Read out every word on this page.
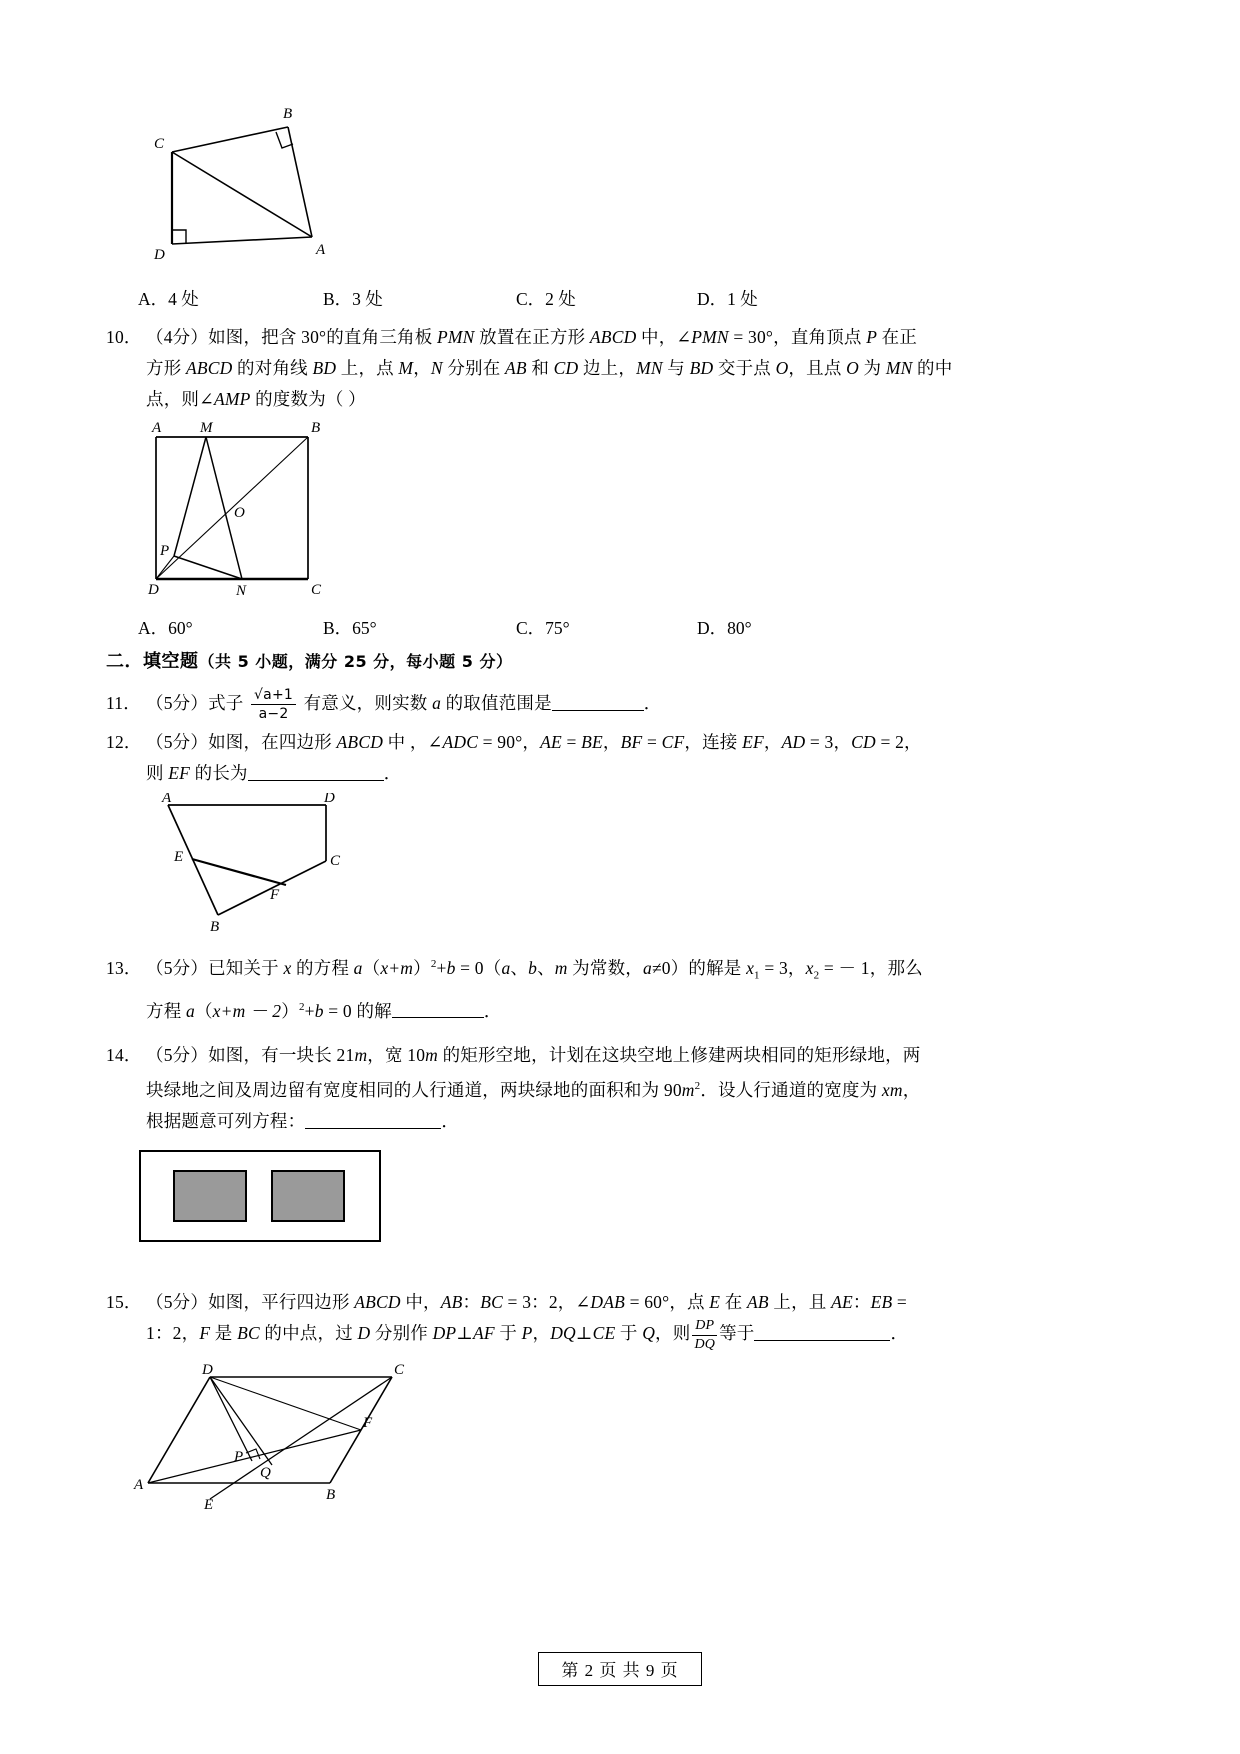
B
C
D	A
A．4 处	B．3 处	C．2 处	D．1 处
10． （4分）如图，把含 30°的直角三角板 PMN 放置在正方形 ABCD 中，∠PMN = 30°，直角顶点 P 在正
方形 ABCD 的对角线 BD 上，点 M，N 分别在 AB 和 CD 边上，MN 与 BD 交于点 O，且点 O 为 MN 的中
点，则∠AMP 的度数为（ ）
A	M	B
O
P
D	N	C
A．60°	B．65°	C．75°	D．80°
二．填空题（共 5 小题，满分 25 分，每小题 5 分）
11． （5分）式子 $\frac{√a+1}{a-2}$ 有意义，则实数 a 的取值范围是	．
12． （5分）如图，在四边形 ABCD 中 ，∠ADC = 90°，AE = BE，BF = CF，连接 EF，AD = 3，CD = 2，
则 EF 的长为	．
A	D
E	C
F
B
13． （5分）已知关于 x 的方程 $a(x+m)^2+b = 0(a$、b、m 为常数，a≠0）的解是 $x_1 = 3$，$x_2$ = － 1，那么
方程 $a(x+m - 2)^2+b = 0$ 的解	．
14． （5分）如图，有一块长 21m，宽 10m 的矩形空地，计划在这块空地上修建两块相同的矩形绿地，两
块绿地之间及周边留有宽度相同的人行通道，两块绿地的面积和为 $90m^2$．设人行通道的宽度为 xm，
根据题意可列方程：	．
15． （5分）如图，平行四边形 ABCD 中，AB：BC = 3：2，∠DAB = 60°，点 E 在 AB 上，且 AE：EB =
1：2，F 是 BC 的中点，过 D 分别作 DP⊥AF 于 P，DQ⊥CE 于 Q，则 $\frac{DP}{DQ}$ 等于	．
D	C
F
P
Q
A
E
B
第 2 页 共 9 页
